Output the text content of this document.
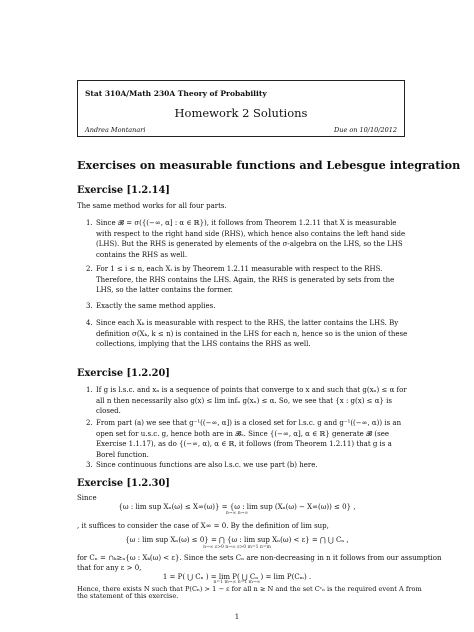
Stat 310A/Math 230A Theory of Probability
Homework 2 Solutions
Andrea Montanari	Due on 10/10/2012
Exercises on measurable functions and Lebesgue integration
Exercise [1.2.14]
The same method works for all four parts.
1. Since 𝓑 = σ({(−∞, α] : α ∈ ℝ}), it follows from Theorem 1.2.11 that X is measurable with respect to the right hand side (RHS), which hence also contains the left hand side (LHS). But the RHS is generated by elements of the σ-algebra on the LHS, so the LHS contains the RHS as well.
2. For 1 ≤ i ≤ n, each Xᵢ is by Theorem 1.2.11 measurable with respect to the RHS. Therefore, the RHS contains the LHS. Again, the RHS is generated by sets from the LHS, so the latter contains the former.
3. Exactly the same method applies.
4. Since each Xₖ is measurable with respect to the RHS, the latter contains the LHS. By definition σ(Xₖ, k ≤ n) is contained in the LHS for each n, hence so is the union of these collections, implying that the LHS contains the RHS as well.
Exercise [1.2.20]
1. If g is l.s.c. and xₙ is a sequence of points that converge to x and such that g(xₙ) ≤ α for all n then necessarily also g(x) ≤ lim infₙ g(xₙ) ≤ α. So, we see that {x : g(x) ≤ α} is closed.
2. From part (a) we see that g⁻¹((−∞, α]) is a closed set for l.s.c. g and g⁻¹((−∞, α)) is an open set for u.s.c. g, hence both are in 𝓑ₛ. Since {(−∞, α], α ∈ ℝ} generate 𝓑 (see Exercise 1.1.17), as do {(−∞, α), α ∈ ℝ, it follows (from Theorem 1.2.11) that g is a Borel function.
3. Since continuous functions are also l.s.c. we use part (b) here.
Exercise [1.2.30]
Since
{ω : lim sup Xₙ(ω) ≤ X∞(ω)} = {ω : lim sup (Xₙ(ω) − X∞(ω)) ≤ 0} ,
n→∞ n→∞
, it suffices to consider the case of X∞ = 0. By the definition of lim sup,
{ω : lim sup Xₙ(ω) ≤ 0} = ⋂ {ω : lim sup Xₙ(ω) < ε} = ⋂ ⋃ Cₙ ,
n→∞ ε>0 n→∞ ε>0 m=1 n=m
for Cₙ = ∩ₖ≥ₙ{ω : Xₖ(ω) < ε}. Since the sets Cₙ are non-decreasing in n it follows from our assumption
that for any ε > 0,
1 = P( ⋃ Cₙ ) = lim P( ⋃ Cₙ ) = lim P(Cₘ) .
n=1 m→∞ n=1 m→∞
Hence, there exists N such that P(Cₙ) > 1 − ε for all n ≥ N and the set Cᶜₙ is the required event A from
the statement of this exercise.
1
